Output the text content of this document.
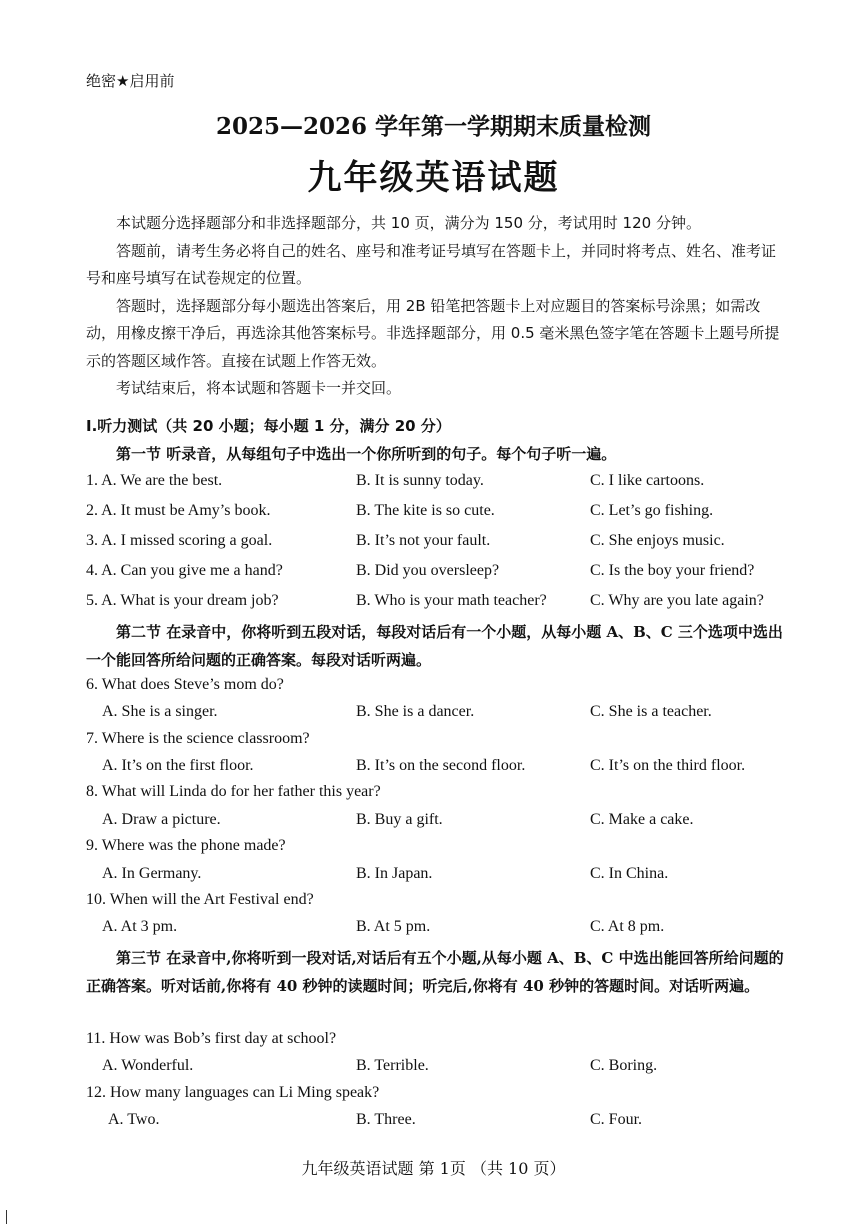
绝密★启用前
2025—2026 学年第一学期期末质量检测
九年级英语试题

本试题分选择题部分和非选择题部分，共 10 页，满分为 150 分，考试用时 120 分钟。

答题前，请考生务必将自己的姓名、座号和准考证号填写在答题卡上，并同时将考点、姓名、准考证号和座号填写在试卷规定的位置。

答题时，选择题部分每小题选出答案后，用 2B 铅笔把答题卡上对应题目的答案标号涂黑；如需改动，用橡皮擦干净后，再选涂其他答案标号。非选择题部分，用 0.5 毫米黑色签字笔在答题卡上题号所提示的答题区域作答。直接在试题上作答无效。

考试结束后，将本试题和答题卡一并交回。

I.听力测试（共 20 小题；每小题 1 分，满分 20 分）
第一节 听录音，从每组句子中选出一个你所听到的句子。每个句子听一遍。
1. A. We are the best.	B. It is sunny today.	C. I like cartoons.
2. A. It must be Amy’s book.	B. The kite is so cute.	C. Let’s go fishing.
3. A. I missed scoring a goal.	B. It’s not your fault.	C. She enjoys music.
4. A. Can you give me a hand?	B. Did you oversleep?	C. Is the boy your friend?
5. A. What is your dream job?	B. Who is your math teacher?	C. Why are you late again?
第二节 在录音中，你将听到五段对话，每段对话后有一个小题，从每小题 A、B、C 三个选项中选出一个能回答所给问题的正确答案。每段对话听两遍。
6. What does Steve’s mom do?
A. She is a singer.	B. She is a dancer.	C. She is a teacher.
7. Where is the science classroom?
A. It’s on the first floor.	B. It’s on the second floor.	C. It’s on the third floor.
8. What will Linda do for her father this year?
A. Draw a picture.	B. Buy a gift.	C. Make a cake.
9. Where was the phone made?
A. In Germany.	B. In Japan.	C. In China.
10. When will the Art Festival end?
A. At 3 pm.	B. At 5 pm.	C. At 8 pm.
第三节 在录音中,你将听到一段对话,对话后有五个小题,从每小题 A、B、C 中选出能回答所给问题的正确答案。听对话前,你将有 40 秒钟的读题时间；听完后,你将有 40 秒钟的答题时间。对话听两遍。
11. How was Bob’s first day at school?
A. Wonderful.	B. Terrible.	C. Boring.
12. How many languages can Li Ming speak?
A. Two.	B. Three.	C. Four.
九年级英语试题 第 1页 （共 10 页）
